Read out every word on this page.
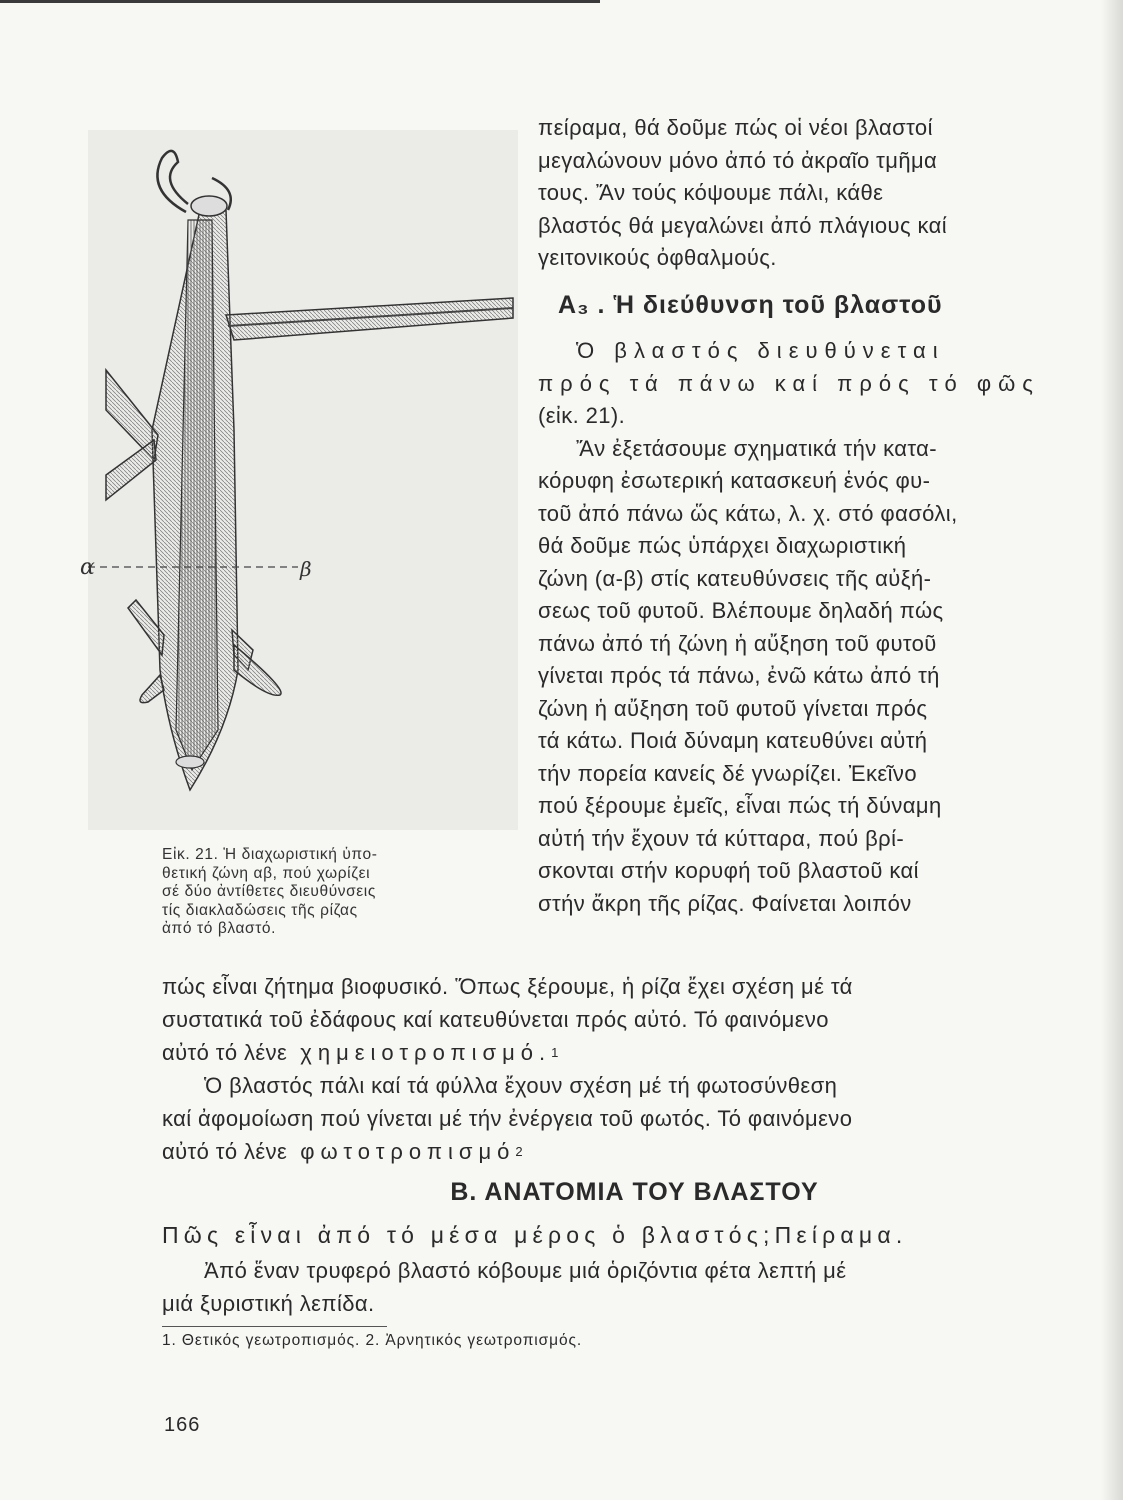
α	β
Εἰκ. 21. Ἡ διαχωριστική ὑπο-
θετική ζώνη αβ, πού χωρίζει
σέ δύο ἀντίθετες διευθύνσεις
τίς διακλαδώσεις τῆς ρίζας
ἀπό τό βλαστό.
πείραμα, θά δοῦμε πώς οἱ νέοι βλαστοί
μεγαλώνουν μόνο ἀπό τό ἀκραῖο τμῆμα
τους. Ἄν τούς κόψουμε πάλι, κάθε
βλαστός θά μεγαλώνει ἀπό πλάγιους καί
γειτονικούς ὀφθαλμούς.
Α₃ . Ἡ διεύθυνση τοῦ βλαστοῦ
Ὁ βλαστός διευθύνεται
πρός τά πάνω καί πρός τό φῶς
(εἰκ. 21).
Ἄν ἐξετάσουμε σχηματικά τήν κατα-
κόρυφη ἐσωτερική κατασκευή ἑνός φυ-
τοῦ ἀπό πάνω ὥς κάτω, λ. χ. στό φασόλι,
θά δοῦμε πώς ὑπάρχει διαχωριστική
ζώνη (α-β) στίς κατευθύνσεις τῆς αὐξή-
σεως τοῦ φυτοῦ. Βλέπουμε δηλαδή πώς
πάνω ἀπό τή ζώνη ἡ αὔξηση τοῦ φυτοῦ
γίνεται πρός τά πάνω, ἐνῶ κάτω ἀπό τή
ζώνη ἡ αὔξηση τοῦ φυτοῦ γίνεται πρός
τά κάτω. Ποιά δύναμη κατευθύνει αὐτή
τήν πορεία κανείς δέ γνωρίζει. Ἐκεῖνο
πού ξέρουμε ἐμεῖς, εἶναι πώς τή δύναμη
αὐτή τήν ἔχουν τά κύτταρα, πού βρί-
σκονται στήν κορυφή τοῦ βλαστοῦ καί
στήν ἄκρη τῆς ρίζας. Φαίνεται λοιπόν
πώς εἶναι ζήτημα βιοφυσικό. Ὅπως ξέρουμε, ἡ ρίζα ἔχει σχέση μέ τά
συστατικά τοῦ ἐδάφους καί κατευθύνεται πρός αὐτό. Τό φαινόμενο
αὐτό τό λένε
χημειοτροπισμό. 1
Ὁ βλαστός πάλι καί τά φύλλα ἔχουν σχέση μέ τή φωτοσύνθεση
καί ἀφομοίωση πού γίνεται μέ τήν ἐνέργεια τοῦ φωτός. Τό φαινόμενο
αὐτό τό λένε
φωτοτροπισμό 2
Β. ΑΝΑΤΟΜΙΑ ΤΟΥ ΒΛΑΣΤΟΥ
Πῶς εἶναι ἀπό τό μέσα μέρος ὁ βλαστός;Πείραμα.
Ἀπό ἕναν τρυφερό βλαστό κόβουμε μιά ὁριζόντια φέτα λεπτή μέ
μιά ξυριστική λεπίδα.
1. Θετικός γεωτροπισμός. 2. Ἀρνητικός γεωτροπισμός.
166
